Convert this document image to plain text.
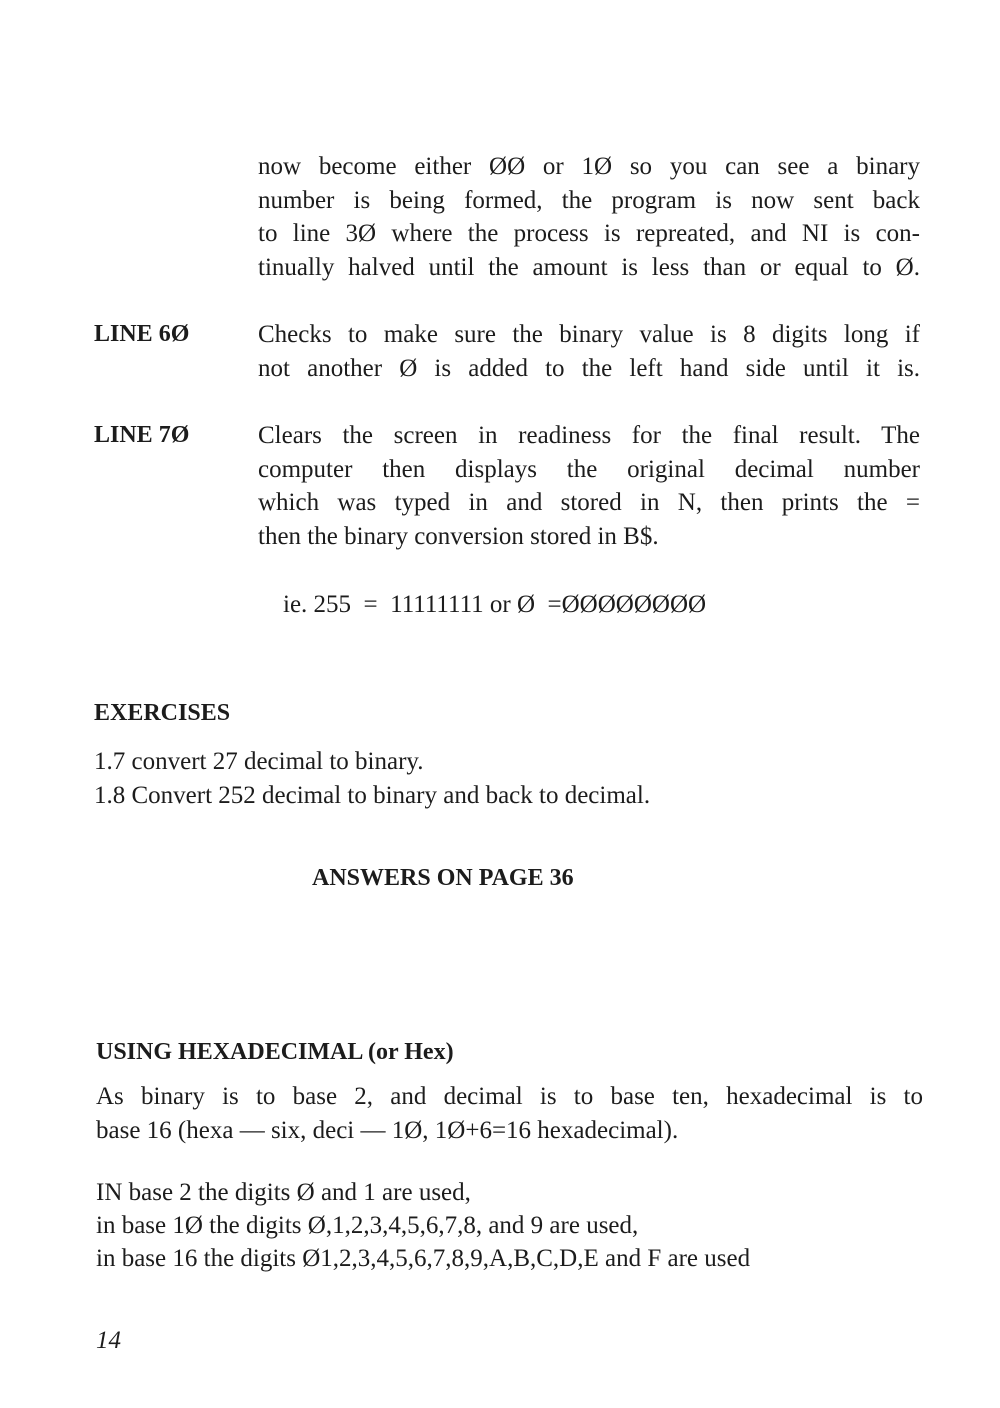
now become either ØØ or 1Ø so you can see a binary
number is being formed, the program is now sent back
to line 3Ø where the process is repreated, and NI is con-
tinually halved until the amount is less than or equal to Ø.
LINE 6Ø	Checks to make sure the binary value is 8 digits long if
not another Ø is added to the left hand side until it is.
LINE 7Ø	Clears the screen in readiness for the final result. The
computer then displays the original decimal number
which was typed in and stored in N, then prints the =
then the binary conversion stored in B$.
ie. 255  =  11111111 or Ø  =ØØØØØØØØ
EXERCISES
1.7 convert 27 decimal to binary.
1.8 Convert 252 decimal to binary and back to decimal.
ANSWERS ON PAGE 36
USING HEXADECIMAL (or Hex)
As binary is to base 2, and decimal is to base ten, hexadecimal is to
base 16 (hexa — six, deci — 1Ø, 1Ø+6=16 hexadecimal).
IN base 2 the digits Ø and 1 are used,
in base 1Ø the digits Ø,1,2,3,4,5,6,7,8, and 9 are used,
in base 16 the digits Ø1,2,3,4,5,6,7,8,9,A,B,C,D,E and F are used
14
